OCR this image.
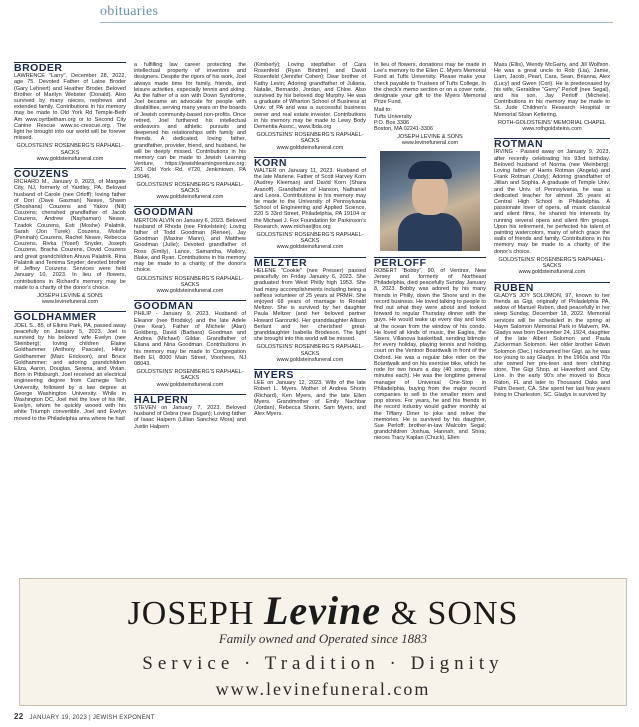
obituaries
BRODER

LAWRENCE "Larry", December 28, 2022, age 75. Devoted Father of Laine Broder (Gary Lehnert) and Heather Broder. Beloved Brother of Marilyn Webster (Donald). Also survived by many nieces, nephews and extended family. Contributions in his memory may be made to Old York Rd Temple-Beth Am www.oyrtbetham.org or to Second City Canine Rescue www.sc-crescue.org. The light he brought into our world will be forever missed.

GOLDSTEINS' ROSENBERG'S RAPHAEL-SACKS

www.goldsteinsfuneral.com

COUZENS

RICHARD M., January 9, 2023, of Margate City, NJ, formerly of Yardley, PA. Beloved husband of Carole (nee Orloff); loving father of Dori (Dave Gasman) Neave, Shawn (Shoshana) Couzens and Yakov (Nili) Couzens; cherished grandfather of Jacob Couzens, Andrew (Nayhaman) Neave, Tzadok Couzens, Esti (Moshe) Palatnik, Sarah (Jon Turek) Couzens, Moishe (Peninah) Couzens, Rachel Neave, Rebecca Couzens, Rivka (Yosef) Snyder, Joseph Couzens, Bracha Couzens, Dovid Couzens and great grandchildren Ahuva Palatnik, Rina Palatnik and Temima Snyder; devoted brother of Jeffrey Couzens. Services were held January 10, 2023. In lieu of flowers, contributions in Richard's memory may be made to a charity of the donor's choice.

JOSEPH LEVINE & SONS

www.levinefuneral.com

GOLDHAMMER

JOEL S., 85, of Elkins Park, PA, passed away peacefully on January 5, 2023. Joel is survived by his beloved wife Evelyn (nee Steinberg); loving children Elaine Goldhammer (Anthony Pascale), Hilary Goldhammer (Marc Erickson), and Bruce Goldhammer; and adoring grandchildren Eliza, Aaron, Douglas, Serena, and Vivian. Born in Pittsburgh, Joel received an electrical engineering degree from Carnegie Tech University, followed by a law degree at George Washington University. While in Washington DC, Joel met the love of his life, Evelyn, whom he quickly wooed with his white Triumph convertible. Joel and Evelyn moved to the Philadelphia area where he had

a fulfilling law career protecting the intellectual property of inventors and designers. Despite the rigors of his work, Joel always made time for family, friends, and leisure activities, especially tennis and skiing. As the father of a son with Down Syndrome, Joel became an advocate for people with disabilities, serving many years on the boards of Jewish community-based non-profits. Once retired, Joel furthered his intellectual endeavors and athletic pursuits and deepened his relationships with family and friends. A dedicated, loving father, grandfather, provider, friend, and husband, he will be deeply missed. Contributions in his memory can be made to Jewish Learning Venture, https://jewishlearningventure.org; 261 Old York Rd. #720, Jenkintown, PA 19046.

GOLDSTEINS' ROSENBERG'S RAPHAEL-SACKS

www.goldsteinsfuneral.com

GOODMAN

MERTON ALVIN on January 6, 2023. Beloved husband of Rhoda (nee Finkelstein); Loving father of Todd Goodman (Renee), Jay Goodman (Maxine Mann), and Matthew Goodman (Julie); Devoted grandfather of Ross (Emily), Lance, Samantha, Mallory, Blake, and Ryan. Contributions in his memory may be made to a charity of the donor's choice.

GOLDSTEINS' ROSENBERG'S RAPHAEL-SACKS

www.goldsteinsfuneral.com

GOODMAN

PHILIP - January 9, 2023. Husband of Eleanor (nee Brodsky) and the late Adele (nee Kear). Father of Michele (Alan) Goldberg, David (Barbara) Goodman and Andrea (Michael) Gildar. Grandfather of Eliana and Nina Goodman. Contributions in his memory may be made to Congregation Beth El, 8000 Main Street, Voorhees, NJ 08043.

GOLDSTEINS' ROSENBERG'S RAPHAEL-SACKS

www.goldsteinsfuneral.com

HALPERN

STEVEN on January 7, 2023. Beloved husband of Debra (nee Dugan); Loving father of Isaac Halpern (Lillian Sanchez Mora) and Justin Halpern

(Kimberly); Loving stepfather of Cara Rosenfeld (Ryan Bindrim) and David Rosenfeld (Jennifer Cohen); Dear brother of Kathy Levin; Adoring grandfather of Juliana, Natalie, Bernardo, Jordan, and Chloe. Also survived by his beloved dog Murphy. He was a graduate of Wharton School of Business at Univ. of PA and was a successful business owner and real estate investor. Contributions in his memory may be made to Lewy Body Dementia Assoc., www.lbda.org

GOLDSTEINS' ROSENBERG'S RAPHAEL-SACKS

www.goldsteinsfuneral.com

KORN

WALTER on January 11, 2023. Husband of the late Marlene. Father of Scott Harvey Korn (Audrey Kleeman) and David Korn (Shara Aranoff). Grandfather of Hanson, Nathaniel and Leora. Contributions in his memory may be made to the University of Pennsylvania School of Engineering and Applied Science, 220 S 33rd Street, Philadelphia, PA 19104 or the Michael J. Fox Foundation for Parkinson's Research, www.michaeljfox.org

GOLDSTEINS' ROSENBERG'S RAPHAEL-SACKS

www.goldsteinsfuneral.com

MELZTER

HELENE "Cookie" (nee Presser) passed peacefully on Friday January 6, 2023. She graduated from West Philly high 1953. She had many accomplishments including being a selfless volunteer of 25 years at PRMH. She enjoyed 68 years of marriage to Ronald Meltzer. She is survived by her daughter Paula Meltzer (and her beloved partner Howard Garonzik). Her granddaughter Allison Berlant and her cherished great-granddaughter Isabella Brodeson. The light she brought into this world will be missed.

GOLDSTEINS' ROSENBERG'S RAPHAEL-SACKS

www.goldsteinsfuneral.com

MYERS

LEE on January 12, 2023. Wife of the late Robert L. Myers. Mother of Andrea Shorin (Richard), Ken Myers, and the late Ellen Myers. Grandmother of Emily Nachbar (Jordan), Rebecca Shorin, Sam Myers, and Alex Myers.

In lieu of flowers, donations may be made in Lee's memory to the Ellen C. Myers Memorial Fund at Tufts University. Please make your check payable to Trustees of Tufts College. In the check's memo section or on a cover note, designate your gift to the Myers Memorial Prize Fund.

Mail to:

Tufts University

P.O. Box 3306

Boston, MA 02241-3306

JOSEPH LEVINE & SONS

www.levinefuneral.com

PERLOFF

ROBERT "Bobby", 90, of Ventnor, New Jersey and formerly of Northeast Philadelphia, died peacefully Sunday January 8, 2023. Bobby was adored by his many friends in Philly, down the Shore and in the record business. He loved talking to people to find out what they were about and looked forward to regular Thursday dinner with the guys. He would wake up every day and look at the ocean from the window of his condo. He loved all kinds of music, the Eagles, the Sixers, Villanova basketball, sending bitmojis for every holiday, playing tennis and holding court on the Ventnor Boardwalk in front of the Oxford. He was a regular bike rider on the Boardwalk and on his exercise bike, which he rode for two hours a day (40 songs, three minutes each). He was the longtime general manager of Universal One-Stop in Philadelphia, buying from the major record companies to sell to the smaller mom and pop stores. For years, he and his friends in the record industry would gather monthly at the Tiffany Diner to joke and relive the memories. He is survived by his daughter, Sue Perloff; brother-in-law Malcolm Segal; grandchildren Joshua, Hannah, and Shira; nieces Tracy Kaplan (Chuck), Ellen

Mass (Ellis), Wendy McGarry, and Jill Wolfson. He was a great uncle to Rob (Lia), Jamie, Liam, Jacob, Pearl, Cara, Sean, Brianna, Alex (Lucy) and Gwen (Cori). He is predeceased by his wife, Geraldine "Gerry" Perloff (nee Segal), and his son, Jay Perloff (Michele). Contributions in his memory may be made to St. Jude Children's Research Hospital or Memorial Sloan Kettering.

ROTH-GOLDSTEINS' MEMORIAL CHAPEL

www.rothgoldsteins.com

ROTMAN

IRVING - Passed away on January 9, 2023, after recently celebrating his 93rd birthday. Beloved husband of Norma (nee Weinberg); Loving father of Harris Rotman (Angela) and Frank Rotman (Jody); Adoring grandfather of Jillian and Sophia. A graduate of Temple Univ. and the Univ. of Pennsylvania, he was a dedicated teacher for almost 35 years at Central High School in Philadelphia. A passionate lover of opera, all music classical and silent films, he shared his interests by running several opera and silent film groups. Upon his retirement, he perfected his talent of painting watercolors, many of which grace the walls of friends and family. Contributions in his memory may be made to a charity of the donor's choice.

GOLDSTEINS' ROSENBERG'S RAPHAEL-SACKS

www.goldsteinsfuneral.com

RUBEN

GLADYS JOY SOLOMON, 97, known to her friends as Gigi, originally of Philadelphia PA, widow of Manuel Ruben, died peacefully in her sleep Sunday, December 18, 2022. Memorial services will be scheduled in the spring at Haym Salomon Memorial Park in Malvern, PA. Gladys was born December 24, 1924, daughter of the late Albert Solomon and Paula Zuckerman Solomon. Her older brother Edwin Solomon (Dec.) nicknamed her Gigi, as he was too young to say Gladys. In the 1960s and 70s she owned her pre-teen and teen clothing store, The Gigi Shop, at Haverford and City Line. In the early 90's she moved to Boca Raton, FL and later to Thousand Oaks and Palm Desert, CA. She spent her last few years living in Charleston, SC. Gladys is survived by

JOSEPH Levine & SONS
Family owned and Operated since 1883
Service · Tradition · Dignity
www.levinefuneral.com
22 JANUARY 19, 2023 | JEWISH EXPONENT
